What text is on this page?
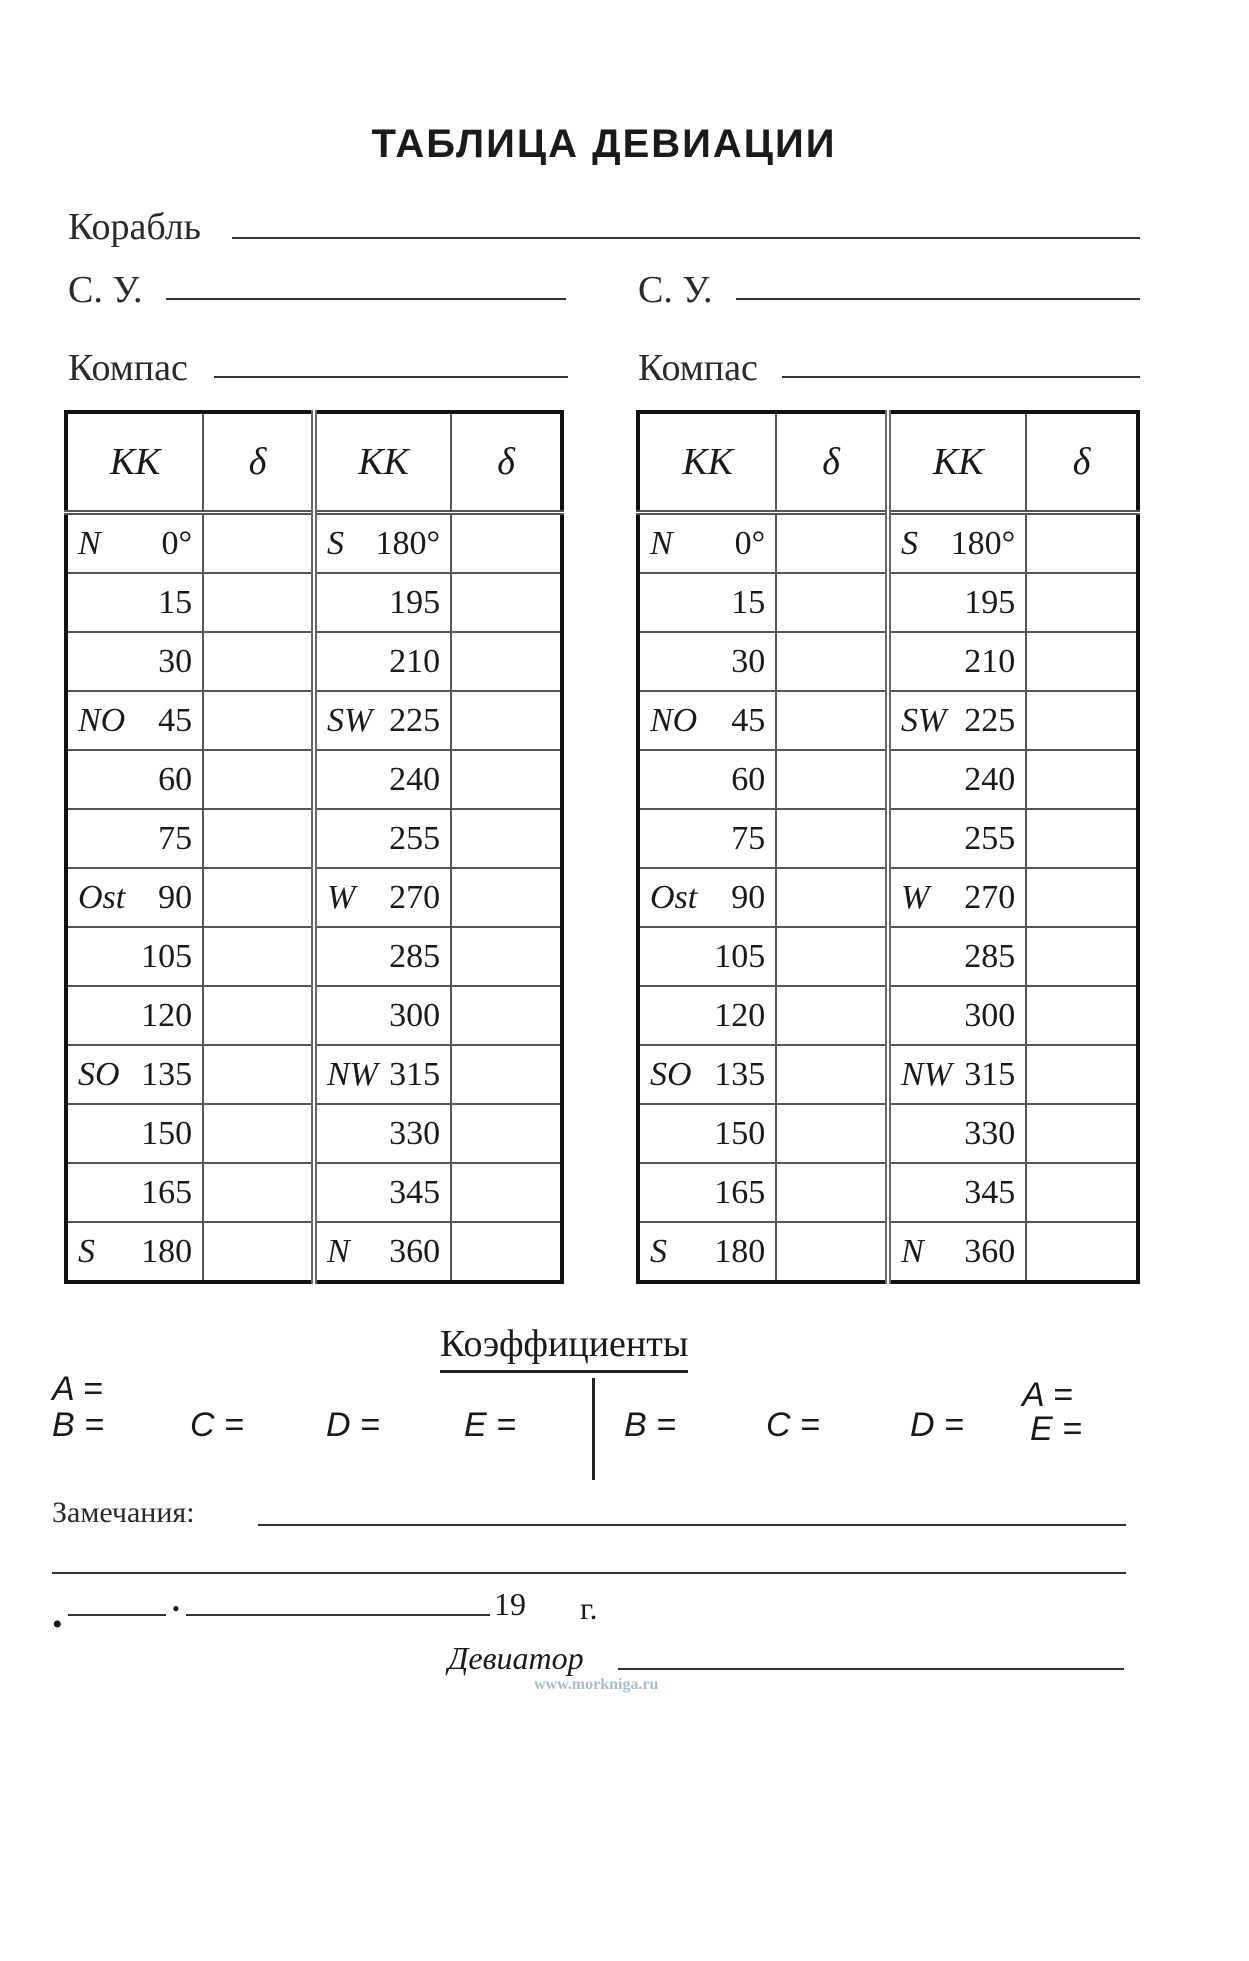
ТАБЛИЦА ДЕВИАЦИИ
Корабль
С. У.	С. У.
Компас	Компас
КК	δ	КК	δ

N 0°		S 180°	

15		195	

30		210	

NO 45		SW 225	

60		240	

75		255	

Ost 90		W 270	

105		285	

120		300	

SO 135		NW 315	

150		330	

165		345	

S 180		N 360	
КК	δ	КК	δ

N 0°		S 180°	

15		195	

30		210	

NO 45		SW 225	

60		240	

75		255	

Ost 90		W 270	

105		285	

120		300	

SO 135		NW 315	

150		330	

165		345	

S 180		N 360	
Коэффициенты
A =
B =	C = D = E =	B =	C =	D =
A =
E =
Замечания:
•	•	19 г.
Девиатор
www.morkniga.ru
